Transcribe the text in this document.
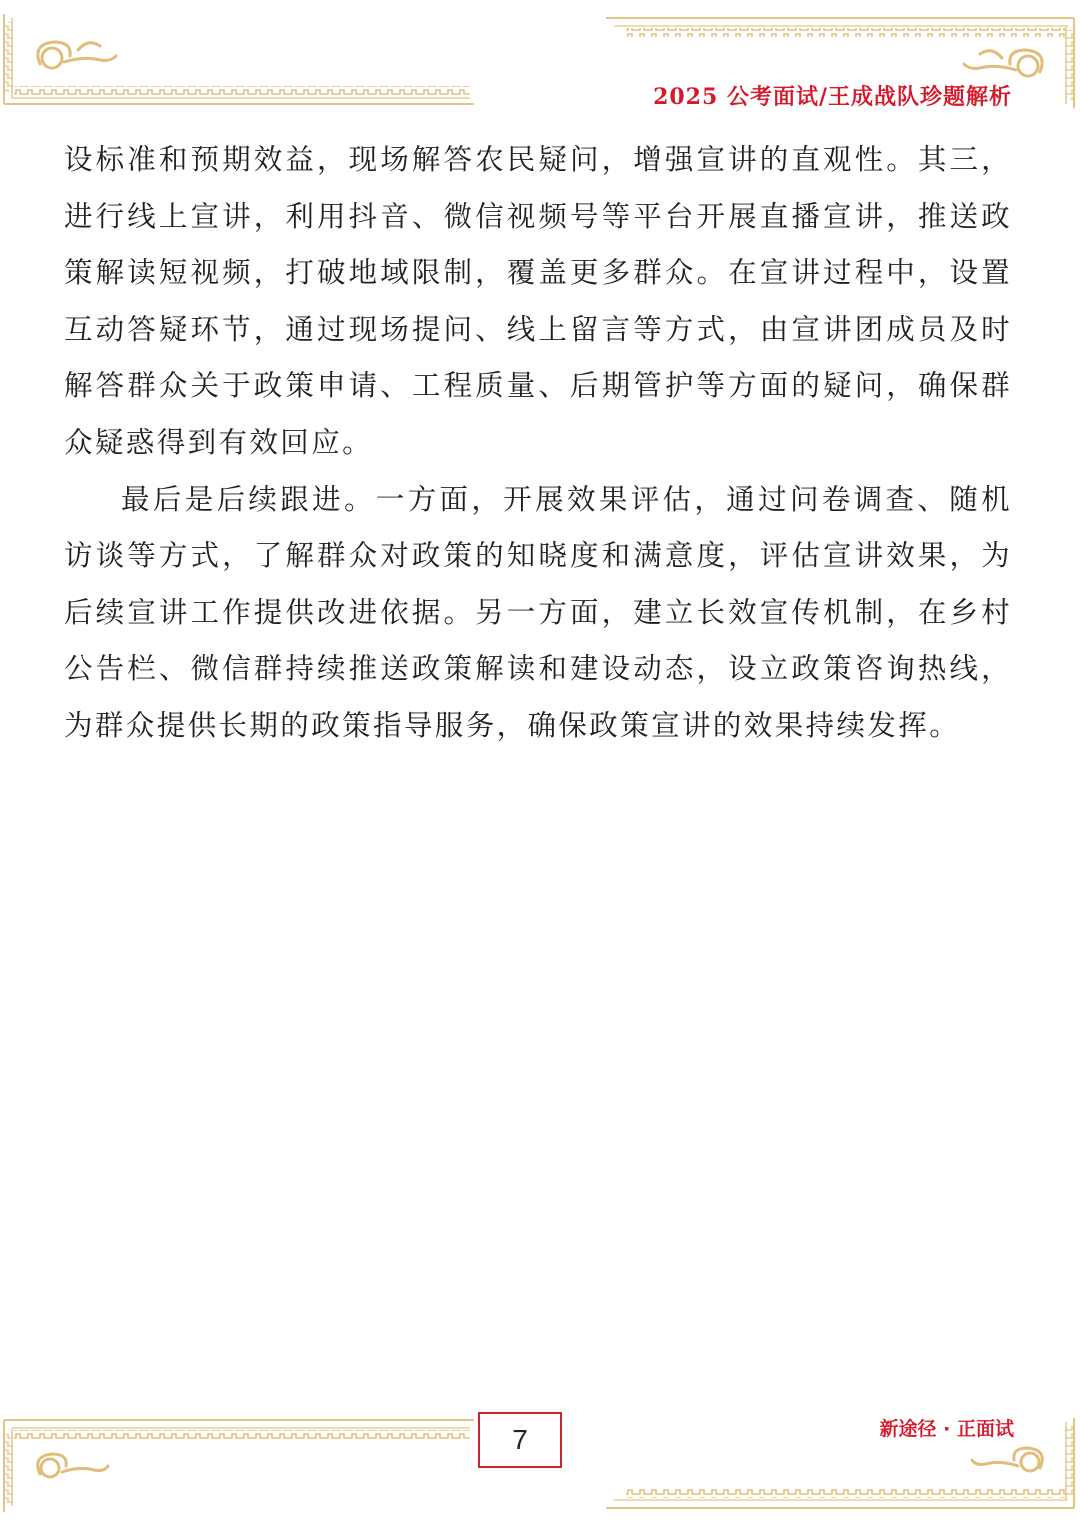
2025 公考面试/王成战队珍题解析

设标准和预期效益，现场解答农民疑问，增强宣讲的直观性。其三，进行线上宣讲，利用抖音、微信视频号等平台开展直播宣讲，推送政策解读短视频，打破地域限制，覆盖更多群众。在宣讲过程中，设置互动答疑环节，通过现场提问、线上留言等方式，由宣讲团成员及时解答群众关于政策申请、工程质量、后期管护等方面的疑问，确保群众疑惑得到有效回应。

最后是后续跟进。一方面，开展效果评估，通过问卷调查、随机访谈等方式，了解群众对政策的知晓度和满意度，评估宣讲效果，为后续宣讲工作提供改进依据。另一方面，建立长效宣传机制，在乡村公告栏、微信群持续推送政策解读和建设动态，设立政策咨询热线，为群众提供长期的政策指导服务，确保政策宣讲的效果持续发挥。

7	新途径 · 正面试
